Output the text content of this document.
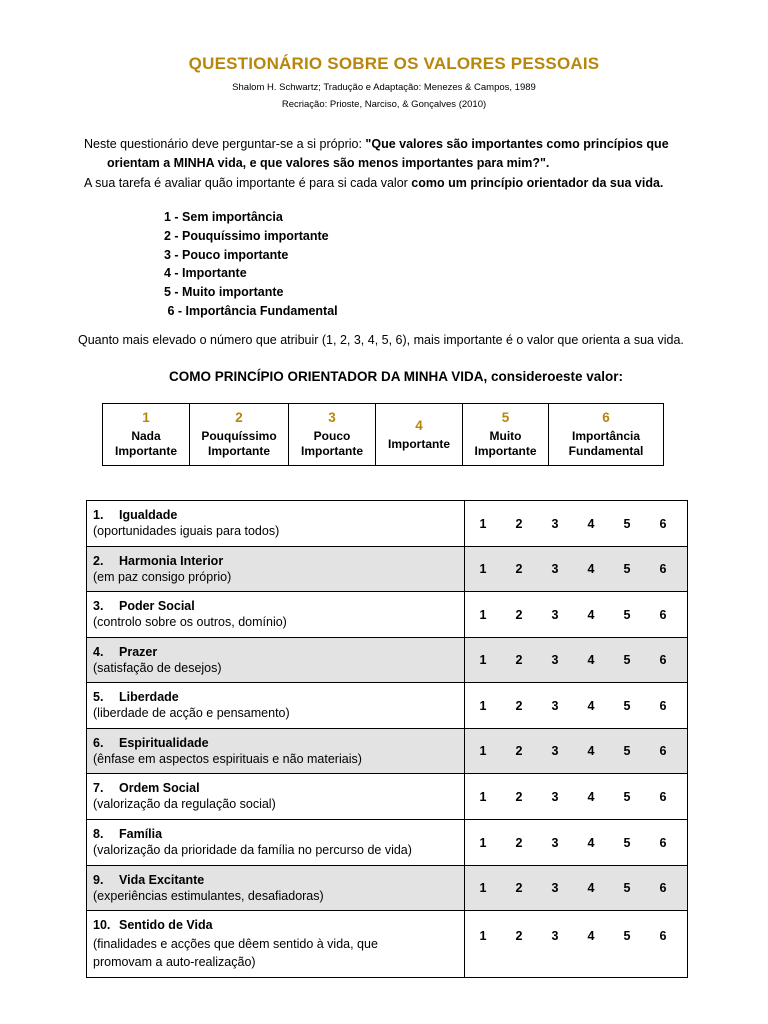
QUESTIONÁRIO SOBRE OS VALORES PESSOAIS
Shalom H. Schwartz; Tradução e Adaptação: Menezes & Campos, 1989
Recriação: Prioste, Narciso, & Gonçalves (2010)
Neste questionário deve perguntar-se a si próprio: "Que valores são importantes como princípios que
orientam a MINHA vida, e que valores são menos importantes para mim?".
A sua tarefa é avaliar quão importante é para si cada valor como um princípio orientador da sua vida.
1 - Sem importância
2 - Pouquíssimo importante
3 - Pouco importante
4 - Importante
5 - Muito importante
6 - Importância Fundamental
Quanto mais elevado o número que atribuir (1, 2, 3, 4, 5, 6), mais importante é o valor que orienta a sua vida.
COMO PRINCÍPIO ORIENTADOR DA MINHA VIDA, consideroeste valor:
1
Nada
Importante
2
Pouquíssimo
Importante
3
Pouco
Importante
4
Importante
5
Muito
Importante
6
Importância
Fundamental
1. Igualdade
(oportunidades iguais para todos)	1 2 3 4 5 6
2. Harmonia Interior
(em paz consigo próprio)
1 2 3 4 5 6
3. Poder Social
(controlo sobre os outros, domínio)	1 2 3 4 5 6
4. Prazer
(satisfação de desejos)
1 2 3 4 5 6
5. Liberdade
(liberdade de acção e pensamento)	1 2 3 4 5 6
6. Espiritualidade
(ênfase em aspectos espirituais e não materiais)
1 2 3 4 5 6
7. Ordem Social
(valorização da regulação social)	1 2 3 4 5 6
8. Família
(valorização da prioridade da família no percurso de vida)	1 2 3 4 5 6
9. Vida Excitante
(experiências estimulantes, desafiadoras)
1 2 3 4 5 6
10. Sentido de Vida
(finalidades e acções que dêem sentido à vida, que
promovam a auto-realização)
1 2 3 4 5 6
